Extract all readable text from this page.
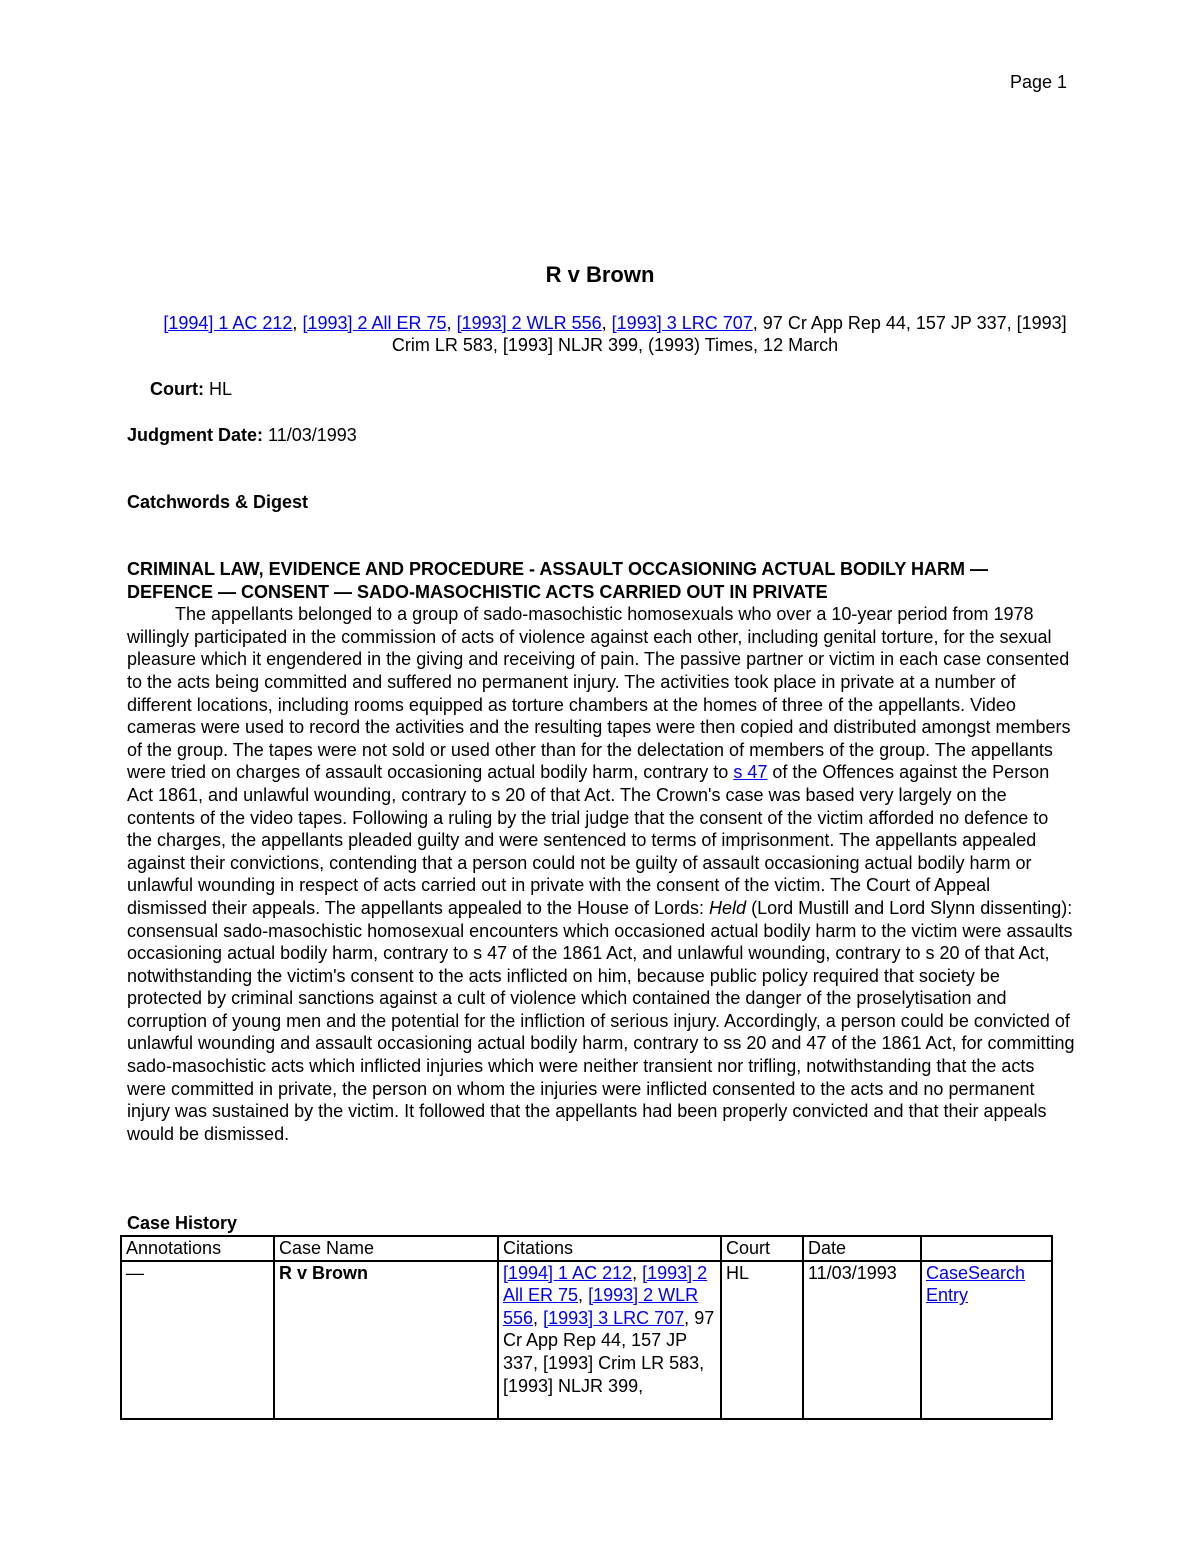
Page 1
R v Brown
[1994] 1 AC 212, [1993] 2 All ER 75, [1993] 2 WLR 556, [1993] 3 LRC 707, 97 Cr App Rep 44, 157 JP 337, [1993] Crim LR 583, [1993] NLJR 399, (1993) Times, 12 March
Court: HL
Judgment Date: 11/03/1993
Catchwords & Digest
CRIMINAL LAW, EVIDENCE AND PROCEDURE - ASSAULT OCCASIONING ACTUAL BODILY HARM — DEFENCE — CONSENT — SADO-MASOCHISTIC ACTS CARRIED OUT IN PRIVATE
The appellants belonged to a group of sado-masochistic homosexuals who over a 10-year period from 1978 willingly participated in the commission of acts of violence against each other, including genital torture, for the sexual pleasure which it engendered in the giving and receiving of pain. The passive partner or victim in each case consented to the acts being committed and suffered no permanent injury. The activities took place in private at a number of different locations, including rooms equipped as torture chambers at the homes of three of the appellants. Video cameras were used to record the activities and the resulting tapes were then copied and distributed amongst members of the group. The tapes were not sold or used other than for the delectation of members of the group. The appellants were tried on charges of assault occasioning actual bodily harm, contrary to s 47 of the Offences against the Person Act 1861, and unlawful wounding, contrary to s 20 of that Act. The Crown's case was based very largely on the contents of the video tapes. Following a ruling by the trial judge that the consent of the victim afforded no defence to the charges, the appellants pleaded guilty and were sentenced to terms of imprisonment. The appellants appealed against their convictions, contending that a person could not be guilty of assault occasioning actual bodily harm or unlawful wounding in respect of acts carried out in private with the consent of the victim. The Court of Appeal dismissed their appeals. The appellants appealed to the House of Lords: Held (Lord Mustill and Lord Slynn dissenting): consensual sado-masochistic homosexual encounters which occasioned actual bodily harm to the victim were assaults occasioning actual bodily harm, contrary to s 47 of the 1861 Act, and unlawful wounding, contrary to s 20 of that Act, notwithstanding the victim's consent to the acts inflicted on him, because public policy required that society be protected by criminal sanctions against a cult of violence which contained the danger of the proselytisation and corruption of young men and the potential for the infliction of serious injury. Accordingly, a person could be convicted of unlawful wounding and assault occasioning actual bodily harm, contrary to ss 20 and 47 of the 1861 Act, for committing sado-masochistic acts which inflicted injuries which were neither transient nor trifling, notwithstanding that the acts were committed in private, the person on whom the injuries were inflicted consented to the acts and no permanent injury was sustained by the victim. It followed that the appellants had been properly convicted and that their appeals would be dismissed.
Case History
Annotations	Case Name	Citations	Court	Date	
—	R v Brown	[1994] 1 AC 212, [1993] 2 All ER 75, [1993] 2 WLR 556, [1993] 3 LRC 707, 97 Cr App Rep 44, 157 JP 337, [1993] Crim LR 583, [1993] NLJR 399,	HL	11/03/1993	CaseSearch Entry
